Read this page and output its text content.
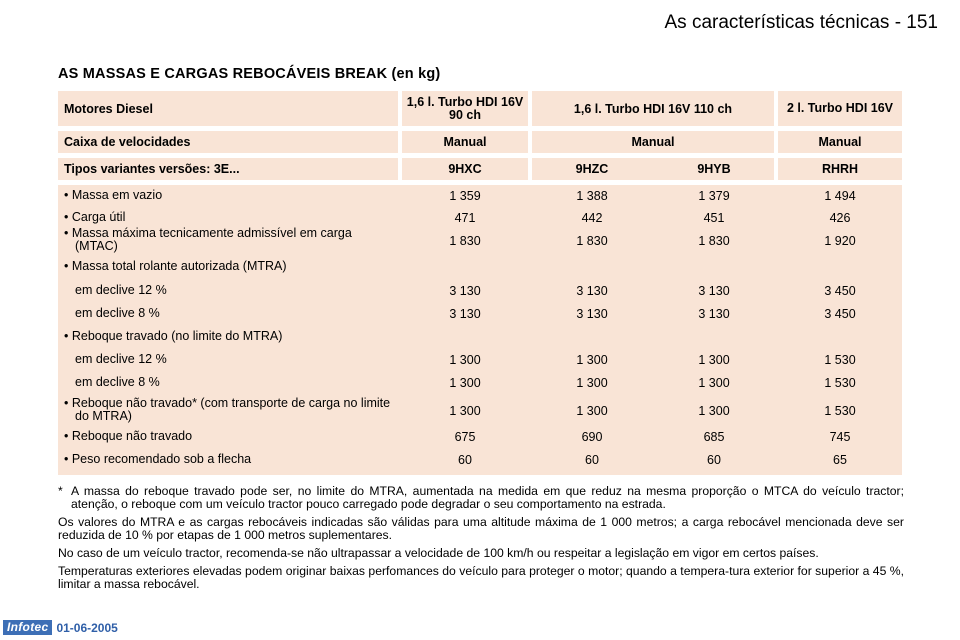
As características técnicas - 151
AS MASSAS E CARGAS REBOCÁVEIS BREAK (en kg)
Motores Diesel	1,6 l. Turbo HDI 16V 90 ch	1,6 l. Turbo HDI 16V 110 ch	2 l. Turbo HDI 16V
Caixa de velocidades	Manual	Manual	Manual
Tipos variantes versões: 3E...	9HXC	9HZC	9HYB	RHRH
• Massa em vazio	1 359	1 388	1 379	1 494
• Carga útil	471	442	451	426
• Massa máxima tecnicamente admissível em carga (MTAC)	1 830	1 830	1 830	1 920
• Massa total rolante autorizada (MTRA)
em declive 12 %	3 130	3 130	3 130	3 450
em declive 8 %	3 130	3 130	3 130	3 450
• Reboque travado (no limite do MTRA)
em declive 12 %	1 300	1 300	1 300	1 530
em declive 8 %	1 300	1 300	1 300	1 530
• Reboque não travado* (com transporte de carga no limite do MTRA)	1 300	1 300	1 300	1 530
• Reboque não travado	675	690	685	745
• Peso recomendado sob a flecha	60	60	60	65

* A massa do reboque travado pode ser, no limite do MTRA, aumentada na medida em que reduz na mesma proporção o MTCA do veículo tractor; atenção, o reboque com um veículo tractor pouco carregado pode degradar o seu comportamento na estrada.

Os valores do MTRA e as cargas rebocáveis indicadas são válidas para uma altitude máxima de 1 000 metros; a carga rebocável mencionada deve ser reduzida de 10 % por etapas de 1 000 metros suplementares.

No caso de um veículo tractor, recomenda-se não ultrapassar a velocidade de 100 km/h ou respeitar a legislação em vigor em certos países.

Temperaturas exteriores elevadas podem originar baixas perfomances do veículo para proteger o motor; quando a tempera-tura exterior for superior a 45 %, limitar a massa rebocável.

Infotec 01-06-2005
